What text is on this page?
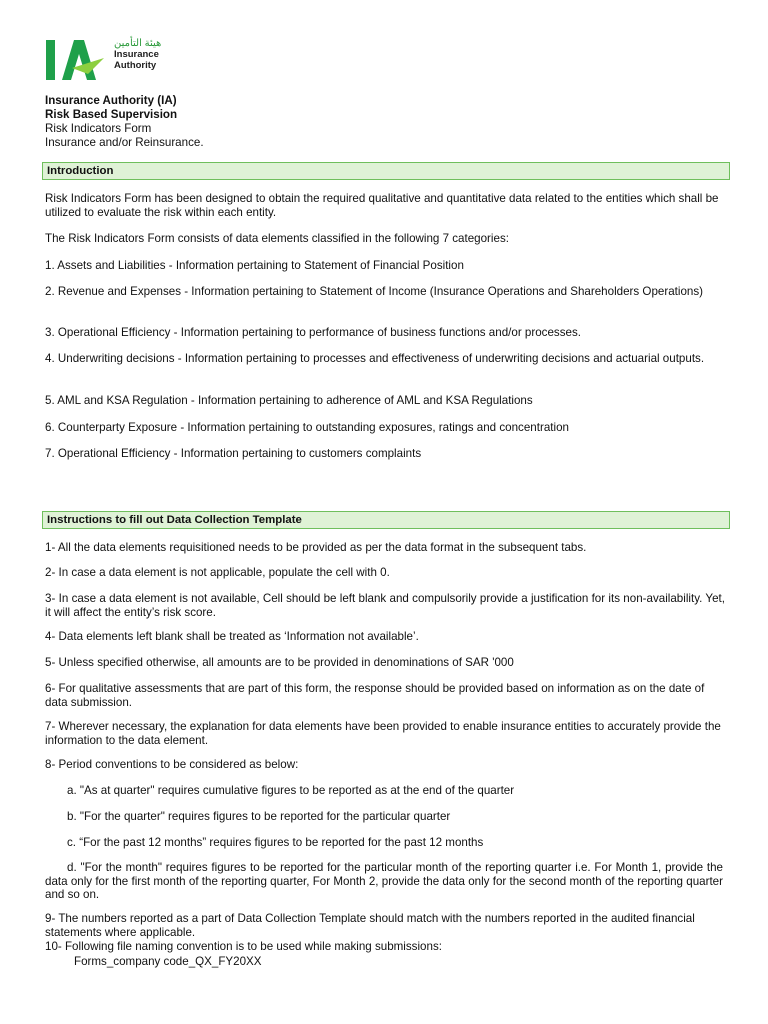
هيئة التأمين
Insurance
Authority
Insurance Authority (IA)
Risk Based Supervision
Risk Indicators Form
Insurance and/or Reinsurance.
Introduction
Risk Indicators Form has been designed to obtain the required qualitative and quantitative data related to the entities which shall be utilized to evaluate the risk within each entity.
The Risk Indicators Form consists of data elements classified in the following 7 categories:
1. Assets and Liabilities - Information pertaining to Statement of Financial Position
2. Revenue and Expenses - Information pertaining to Statement of Income (Insurance Operations and Shareholders Operations)
3. Operational Efficiency - Information pertaining to performance of business functions and/or processes.
4. Underwriting decisions - Information pertaining to processes and effectiveness of underwriting decisions and actuarial outputs.
5. AML and KSA Regulation - Information pertaining to adherence of AML and KSA Regulations
6. Counterparty Exposure - Information pertaining to outstanding exposures, ratings and concentration
7. Operational Efficiency - Information pertaining to customers complaints
Instructions to fill out Data Collection Template
1- All the data elements requisitioned needs to be provided as per the data format in the subsequent tabs.
2- In case a data element is not applicable, populate the cell with 0.
3- In case a data element is not available, Cell should be left blank and compulsorily provide a justification for its non-availability. Yet, it will affect the entity’s risk score.
4- Data elements left blank shall be treated as ‘Information not available’.
5- Unless specified otherwise, all amounts are to be provided in denominations of SAR '000
6- For qualitative assessments that are part of this form, the response should be provided based on information as on the date of data submission.
7- Wherever necessary, the explanation for data elements have been provided to enable insurance entities to accurately provide the information to the data element.
8- Period conventions to be considered as below:
a. "As at quarter" requires cumulative figures to be reported as at the end of the quarter
b. "For the quarter" requires figures to be reported for the particular quarter
c. “For the past 12 months” requires figures to be reported for the past 12 months
d. "For the month" requires figures to be reported for the particular month of the reporting quarter i.e. For Month 1, provide the data only for the first month of the reporting quarter, For Month 2, provide the data only for the second month of the reporting quarter and so on.
9- The numbers reported as a part of Data Collection Template should match with the numbers reported in the audited financial statements where applicable.
10- Following file naming convention is to be used while making submissions:
Forms_company code_QX_FY20XX
